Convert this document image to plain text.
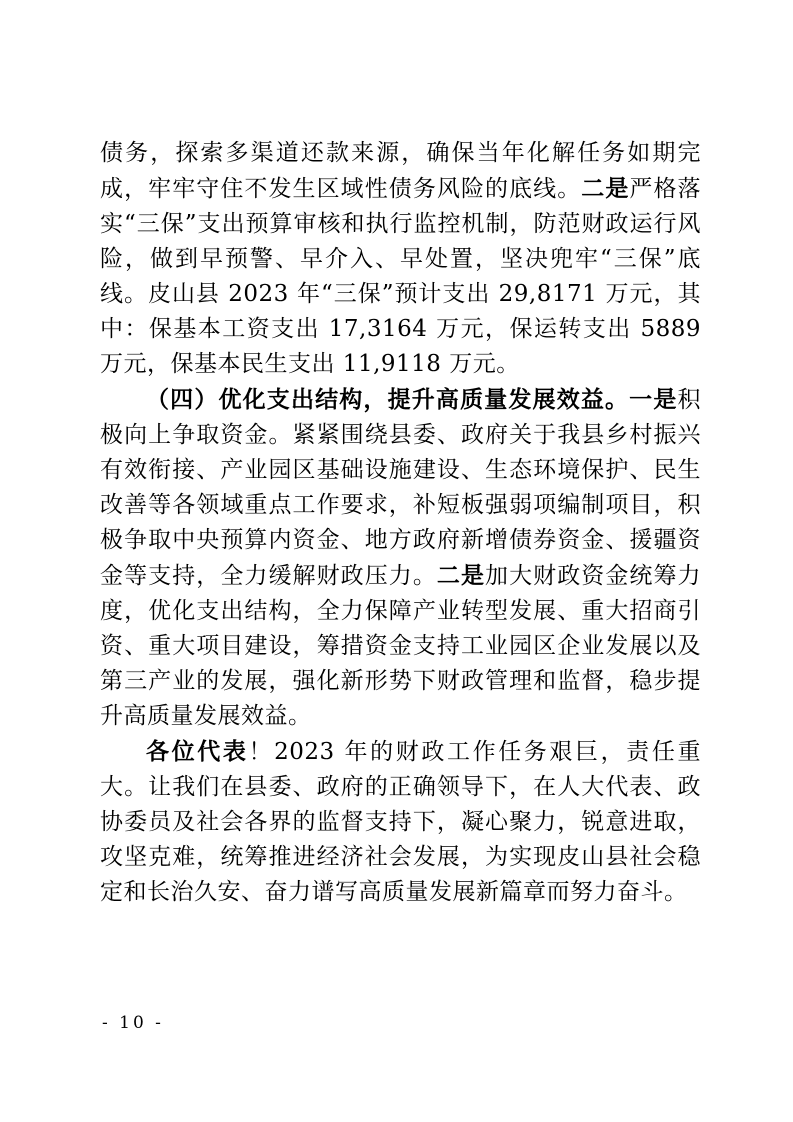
债务，探索多渠道还款来源，确保当年化解任务如期完成，牢牢守住不发生区域性债务风险的底线。二是严格落实“三保”支出预算审核和执行监控机制，防范财政运行风险，做到早预警、早介入、早处置，坚决兜牢“三保”底线。皮山县 2023 年“三保”预计支出 29,8171 万元，其中：保基本工资支出 17,3164 万元，保运转支出 5889 万元，保基本民生支出 11,9118 万元。

（四）优化支出结构，提升高质量发展效益。一是积极向上争取资金。紧紧围绕县委、政府关于我县乡村振兴有效衔接、产业园区基础设施建设、生态环境保护、民生改善等各领域重点工作要求，补短板强弱项编制项目，积极争取中央预算内资金、地方政府新增债券资金、援疆资金等支持，全力缓解财政压力。二是加大财政资金统筹力度，优化支出结构，全力保障产业转型发展、重大招商引资、重大项目建设，筹措资金支持工业园区企业发展以及第三产业的发展，强化新形势下财政管理和监督，稳步提升高质量发展效益。

各位代表！2023 年的财政工作任务艰巨，责任重大。让我们在县委、政府的正确领导下，在人大代表、政协委员及社会各界的监督支持下，凝心聚力，锐意进取，攻坚克难，统筹推进经济社会发展，为实现皮山县社会稳定和长治久安、奋力谱写高质量发展新篇章而努力奋斗。

- 10 -
